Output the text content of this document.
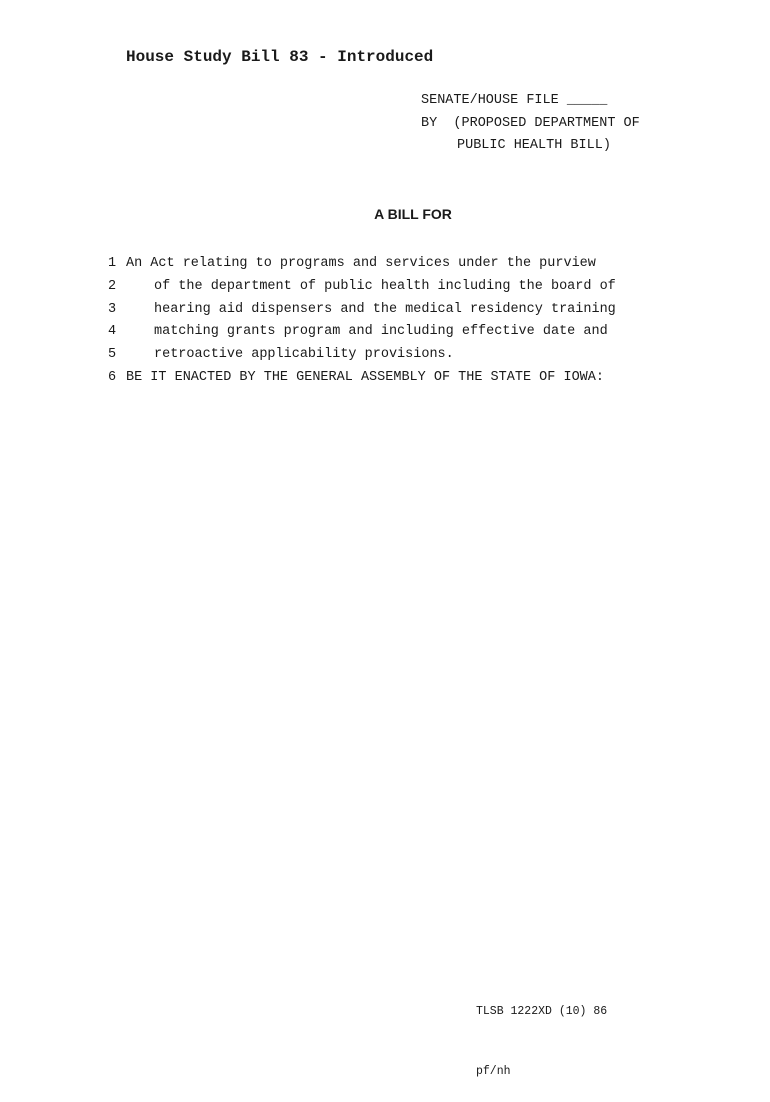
House Study Bill 83 - Introduced
SENATE/HOUSE FILE _____
BY  (PROPOSED DEPARTMENT OF
PUBLIC HEALTH BILL)
A BILL FOR

1

An Act relating to programs and services under the purview

2

	of the department of public health including the board of

3

	hearing aid dispensers and the medical residency training

4

	matching grants program and including effective date and

5

	retroactive applicability provisions.

6

BE IT ENACTED BY THE GENERAL ASSEMBLY OF THE STATE OF IOWA:

TLSB 1222XD (10) 86

pf/nh
